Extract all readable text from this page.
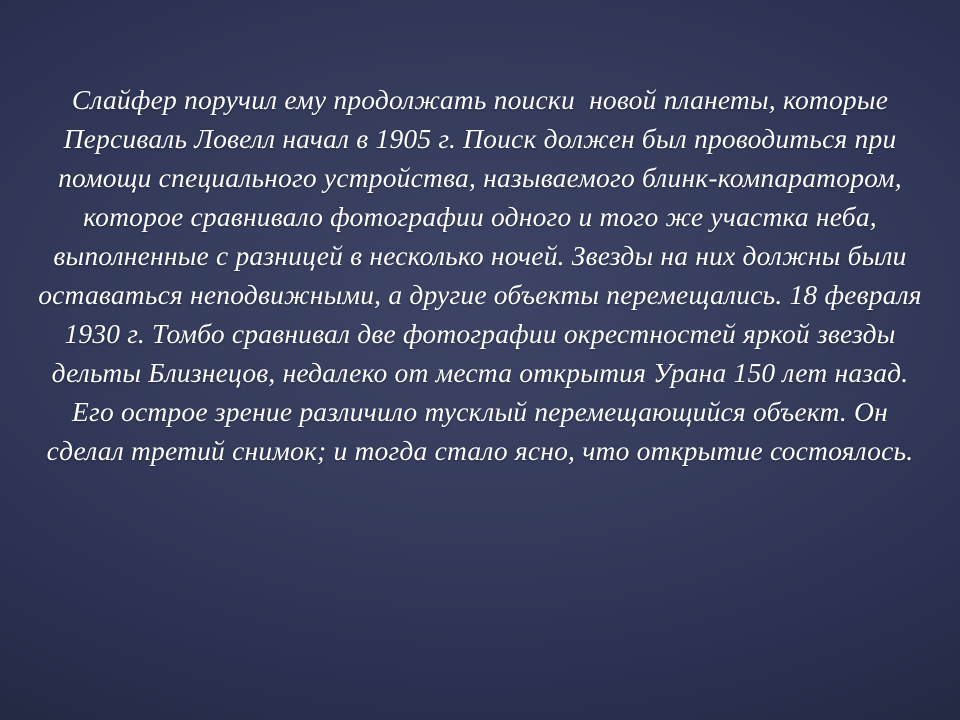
Слайфер поручил ему продолжать поиски  новой планеты, которые Персиваль Ловелл начал в 1905 г. Поиск должен был проводиться при помощи специального устройства, называемого блинк-компаратором, которое сравнивало фотографии одного и того же участка неба, выполненные с разницей в несколько ночей. Звезды на них должны были оставаться неподвижными, а другие объекты перемещались. 18 февраля 1930 г. Томбо сравнивал две фотографии окрестностей яркой звезды дельты Близнецов, недалеко от места открытия Урана 150 лет назад. Его острое зрение различило тусклый перемещающийся объект. Он сделал третий снимок; и тогда стало ясно, что открытие состоялось.
